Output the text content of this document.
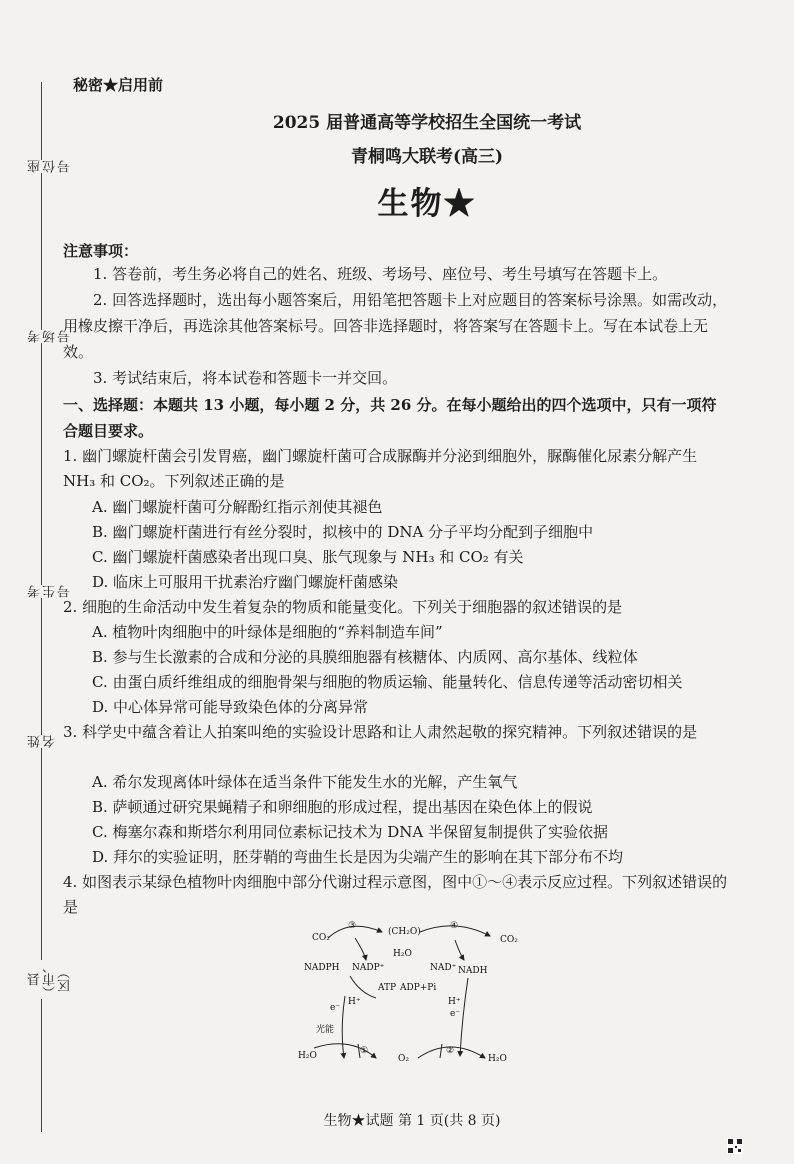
座位号
考场号
考生号
姓名
县（市、区）
秘密★启用前
2025 届普通高等学校招生全国统一考试
青桐鸣大联考(高三)
生物★
注意事项：
1. 答卷前，考生务必将自己的姓名、班级、考场号、座位号、考生号填写在答题卡上。
2. 回答选择题时，选出每小题答案后，用铅笔把答题卡上对应题目的答案标号涂黑。如需改动，用橡皮擦干净后，再选涂其他答案标号。回答非选择题时，将答案写在答题卡上。写在本试卷上无效。
3. 考试结束后，将本试卷和答题卡一并交回。
一、选择题：本题共 13 小题，每小题 2 分，共 26 分。在每小题给出的四个选项中，只有一项符合题目要求。
1. 幽门螺旋杆菌会引发胃癌，幽门螺旋杆菌可合成脲酶并分泌到细胞外，脲酶催化尿素分解产生 NH₃ 和 CO₂。下列叙述正确的是
A. 幽门螺旋杆菌可分解酚红指示剂使其褪色
B. 幽门螺旋杆菌进行有丝分裂时，拟核中的 DNA 分子平均分配到子细胞中
C. 幽门螺旋杆菌感染者出现口臭、胀气现象与 NH₃ 和 CO₂ 有关
D. 临床上可服用干扰素治疗幽门螺旋杆菌感染
2. 细胞的生命活动中发生着复杂的物质和能量变化。下列关于细胞器的叙述错误的是
A. 植物叶肉细胞中的叶绿体是细胞的“养料制造车间”
B. 参与生长激素的合成和分泌的具膜细胞器有核糖体、内质网、高尔基体、线粒体
C. 由蛋白质纤维组成的细胞骨架与细胞的物质运输、能量转化、信息传递等活动密切相关
D. 中心体异常可能导致染色体的分离异常
3. 科学史中蕴含着让人拍案叫绝的实验设计思路和让人肃然起敬的探究精神。下列叙述错误的是
A. 希尔发现离体叶绿体在适当条件下能发生水的光解，产生氧气
B. 萨顿通过研究果蝇精子和卵细胞的形成过程，提出基因在染色体上的假说
C. 梅塞尔森和斯塔尔利用同位素标记技术为 DNA 半保留复制提供了实验依据
D. 拜尔的实验证明，胚芽鞘的弯曲生长是因为尖端产生的影响在其下部分布不均
4. 如图表示某绿色植物叶肉细胞中部分代谢过程示意图，图中①～④表示反应过程。下列叙述错误的是
CO₂
(CH₂O)
H₂O
CO₂
NADPH NADP⁺
ATP ADP+Pi
NAD⁺ NADH
e⁻
H⁺	H⁺
e⁻
光能
H₂O	O₂	H₂O
①	②
③	④
生物★试题 第 1 页(共 8 页)
